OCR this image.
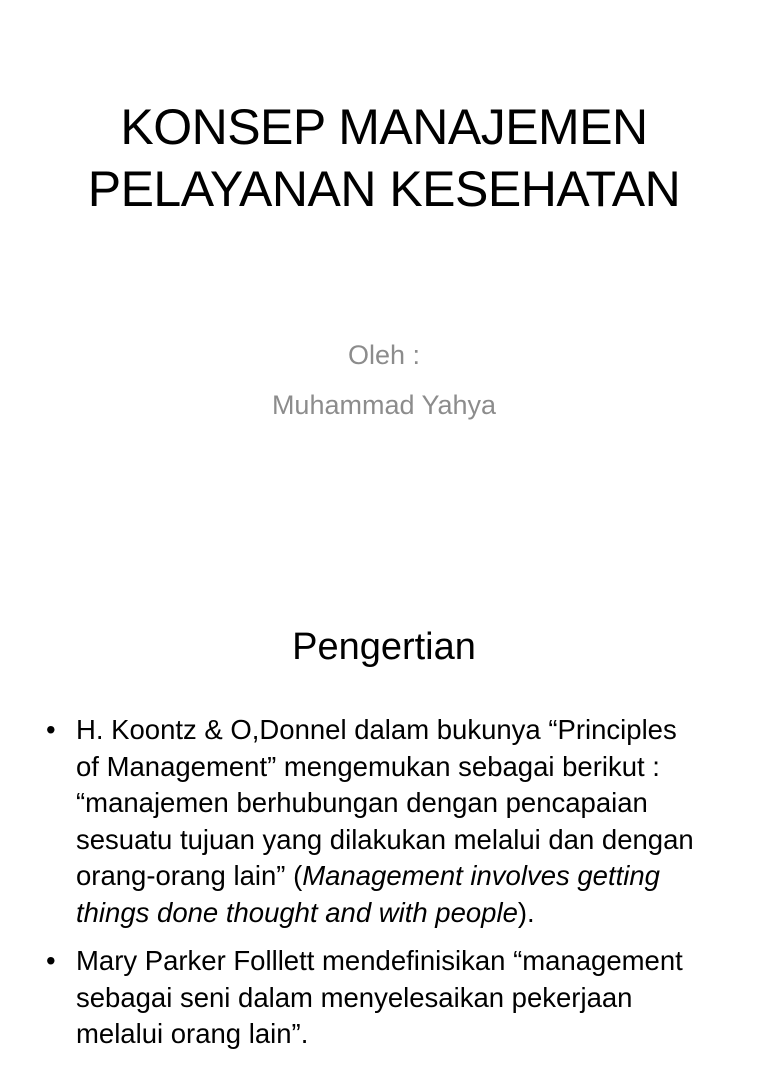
KONSEP MANAJEMEN
PELAYANAN KESEHATAN
Oleh :
Muhammad Yahya
Pengertian
• H. Koontz & O,Donnel dalam bukunya “Principles of Management” mengemukan sebagai berikut : “manajemen berhubungan dengan pencapaian sesuatu tujuan yang dilakukan melalui dan dengan orang-orang lain” (Management involves getting things done thought and with people).
• Mary Parker Folllett mendefinisikan “management sebagai seni dalam menyelesaikan pekerjaan melalui orang lain”.
